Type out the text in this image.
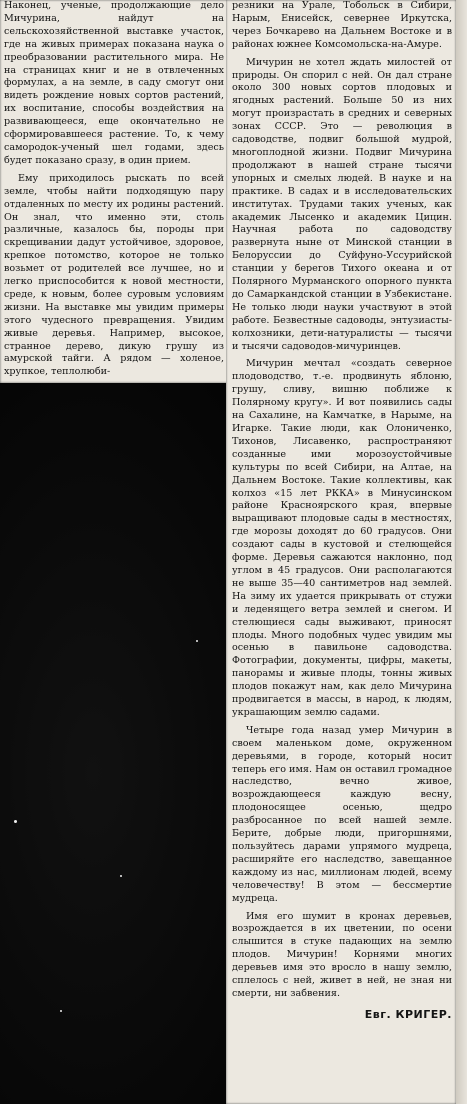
Наконец, ученые, продолжающие дело Мичурина, найдут на сельскохозяйственной выставке участок, где на живых примерах показана наука о преобразовании растительного мира. Не на страницах книг и не в отвлеченных формулах, а на земле, в саду смогут они видеть рождение новых сортов растений, их воспитание, способы воздействия на развивающееся, еще окончательно не сформировавшееся растение. То, к чему самородок-ученый шел годами, здесь будет показано сразу, в один прием.

Ему приходилось рыскать по всей земле, чтобы найти подходящую пару отдаленных по месту их родины растений. Он знал, что именно эти, столь различные, казалось бы, породы при скрещивании дадут устойчивое, здоровое, крепкое потомство, которое не только возьмет от родителей все лучшее, но и легко приспособится к новой местности, среде, к новым, более суровым условиям жизни. На выставке мы увидим примеры этого чудесного превращения. Увидим живые деревья. Например, высокое, странное дерево, дикую грушу из амурской тайги. А рядом — холеное, хрупкое, теплолюби-

резники на Урале, Тобольск в Сибири, Нарым, Енисейск, севернее Иркутска, через Бочкарево на Дальнем Востоке и в районах южнее Комсомольска-на-Амуре.

Мичурин не хотел ждать милостей от природы. Он спорил с ней. Он дал стране около 300 новых сортов плодовых и ягодных растений. Больше 50 из них могут произрастать в средних и северных зонах СССР. Это — революция в садоводстве, подвиг большой мудрой, многоплодной жизни. Подвиг Мичурина продолжают в нашей стране тысячи упорных и смелых людей. В науке и на практике. В садах и в исследовательских институтах. Трудами таких ученых, как академик Лысенко и академик Цицин. Научная работа по садоводству развернута ныне от Минской станции в Белоруссии до Суйфуно-Уссурийской станции у берегов Тихого океана и от Полярного Мурманского опорного пункта до Самаркандской станции в Узбекистане. Не только люди науки участвуют в этой работе. Безвестные садоводы, энтузиасты-колхозники, дети-натуралисты — тысячи и тысячи садоводов-мичуринцев.

Мичурин мечтал «создать северное плодоводство, т.-е. продвинуть яблоню, грушу, сливу, вишню поближе к Полярному кругу». И вот появились сады на Сахалине, на Камчатке, в Нарыме, на Игарке. Такие люди, как Олониченко, Тихонов, Лисавенко, распространяют созданные ими морозоустойчивые культуры по всей Сибири, на Алтае, на Дальнем Востоке. Такие коллективы, как колхоз «15 лет РККА» в Минусинском районе Красноярского края, впервые выращивают плодовые сады в местностях, где морозы доходят до 60 градусов. Они создают сады в кустовой и стелющейся форме. Деревья сажаются наклонно, под углом в 45 градусов. Они располагаются не выше 35—40 сантиметров над землей. На зиму их удается прикрывать от стужи и леденящего ветра землей и снегом. И стелющиеся сады выживают, приносят плоды. Много подобных чудес увидим мы осенью в павильоне садоводства. Фотографии, документы, цифры, макеты, панорамы и живые плоды, тонны живых плодов покажут нам, как дело Мичурина продвигается в массы, в народ, к людям, украшающим землю садами.

Четыре года назад умер Мичурин в своем маленьком доме, окруженном деревьями, в городе, который носит теперь его имя. Нам он оставил громадное наследство, вечно живое, возрождающееся каждую весну, плодоносящее осенью, щедро разбросанное по всей нашей земле. Берите, добрые люди, пригоршнями, пользуйтесь дарами упрямого мудреца, расширяйте его наследство, завещанное каждому из нас, миллионам людей, всему человечеству! В этом — бессмертие мудреца.

Имя его шумит в кронах деревьев, возрождается в их цветении, по осени слышится в стуке падающих на землю плодов. Мичурин! Корнями многих деревьев имя это вросло в нашу землю, сплелось с ней, живет в ней, не зная ни смерти, ни забвения.

Евг. КРИГЕР.
